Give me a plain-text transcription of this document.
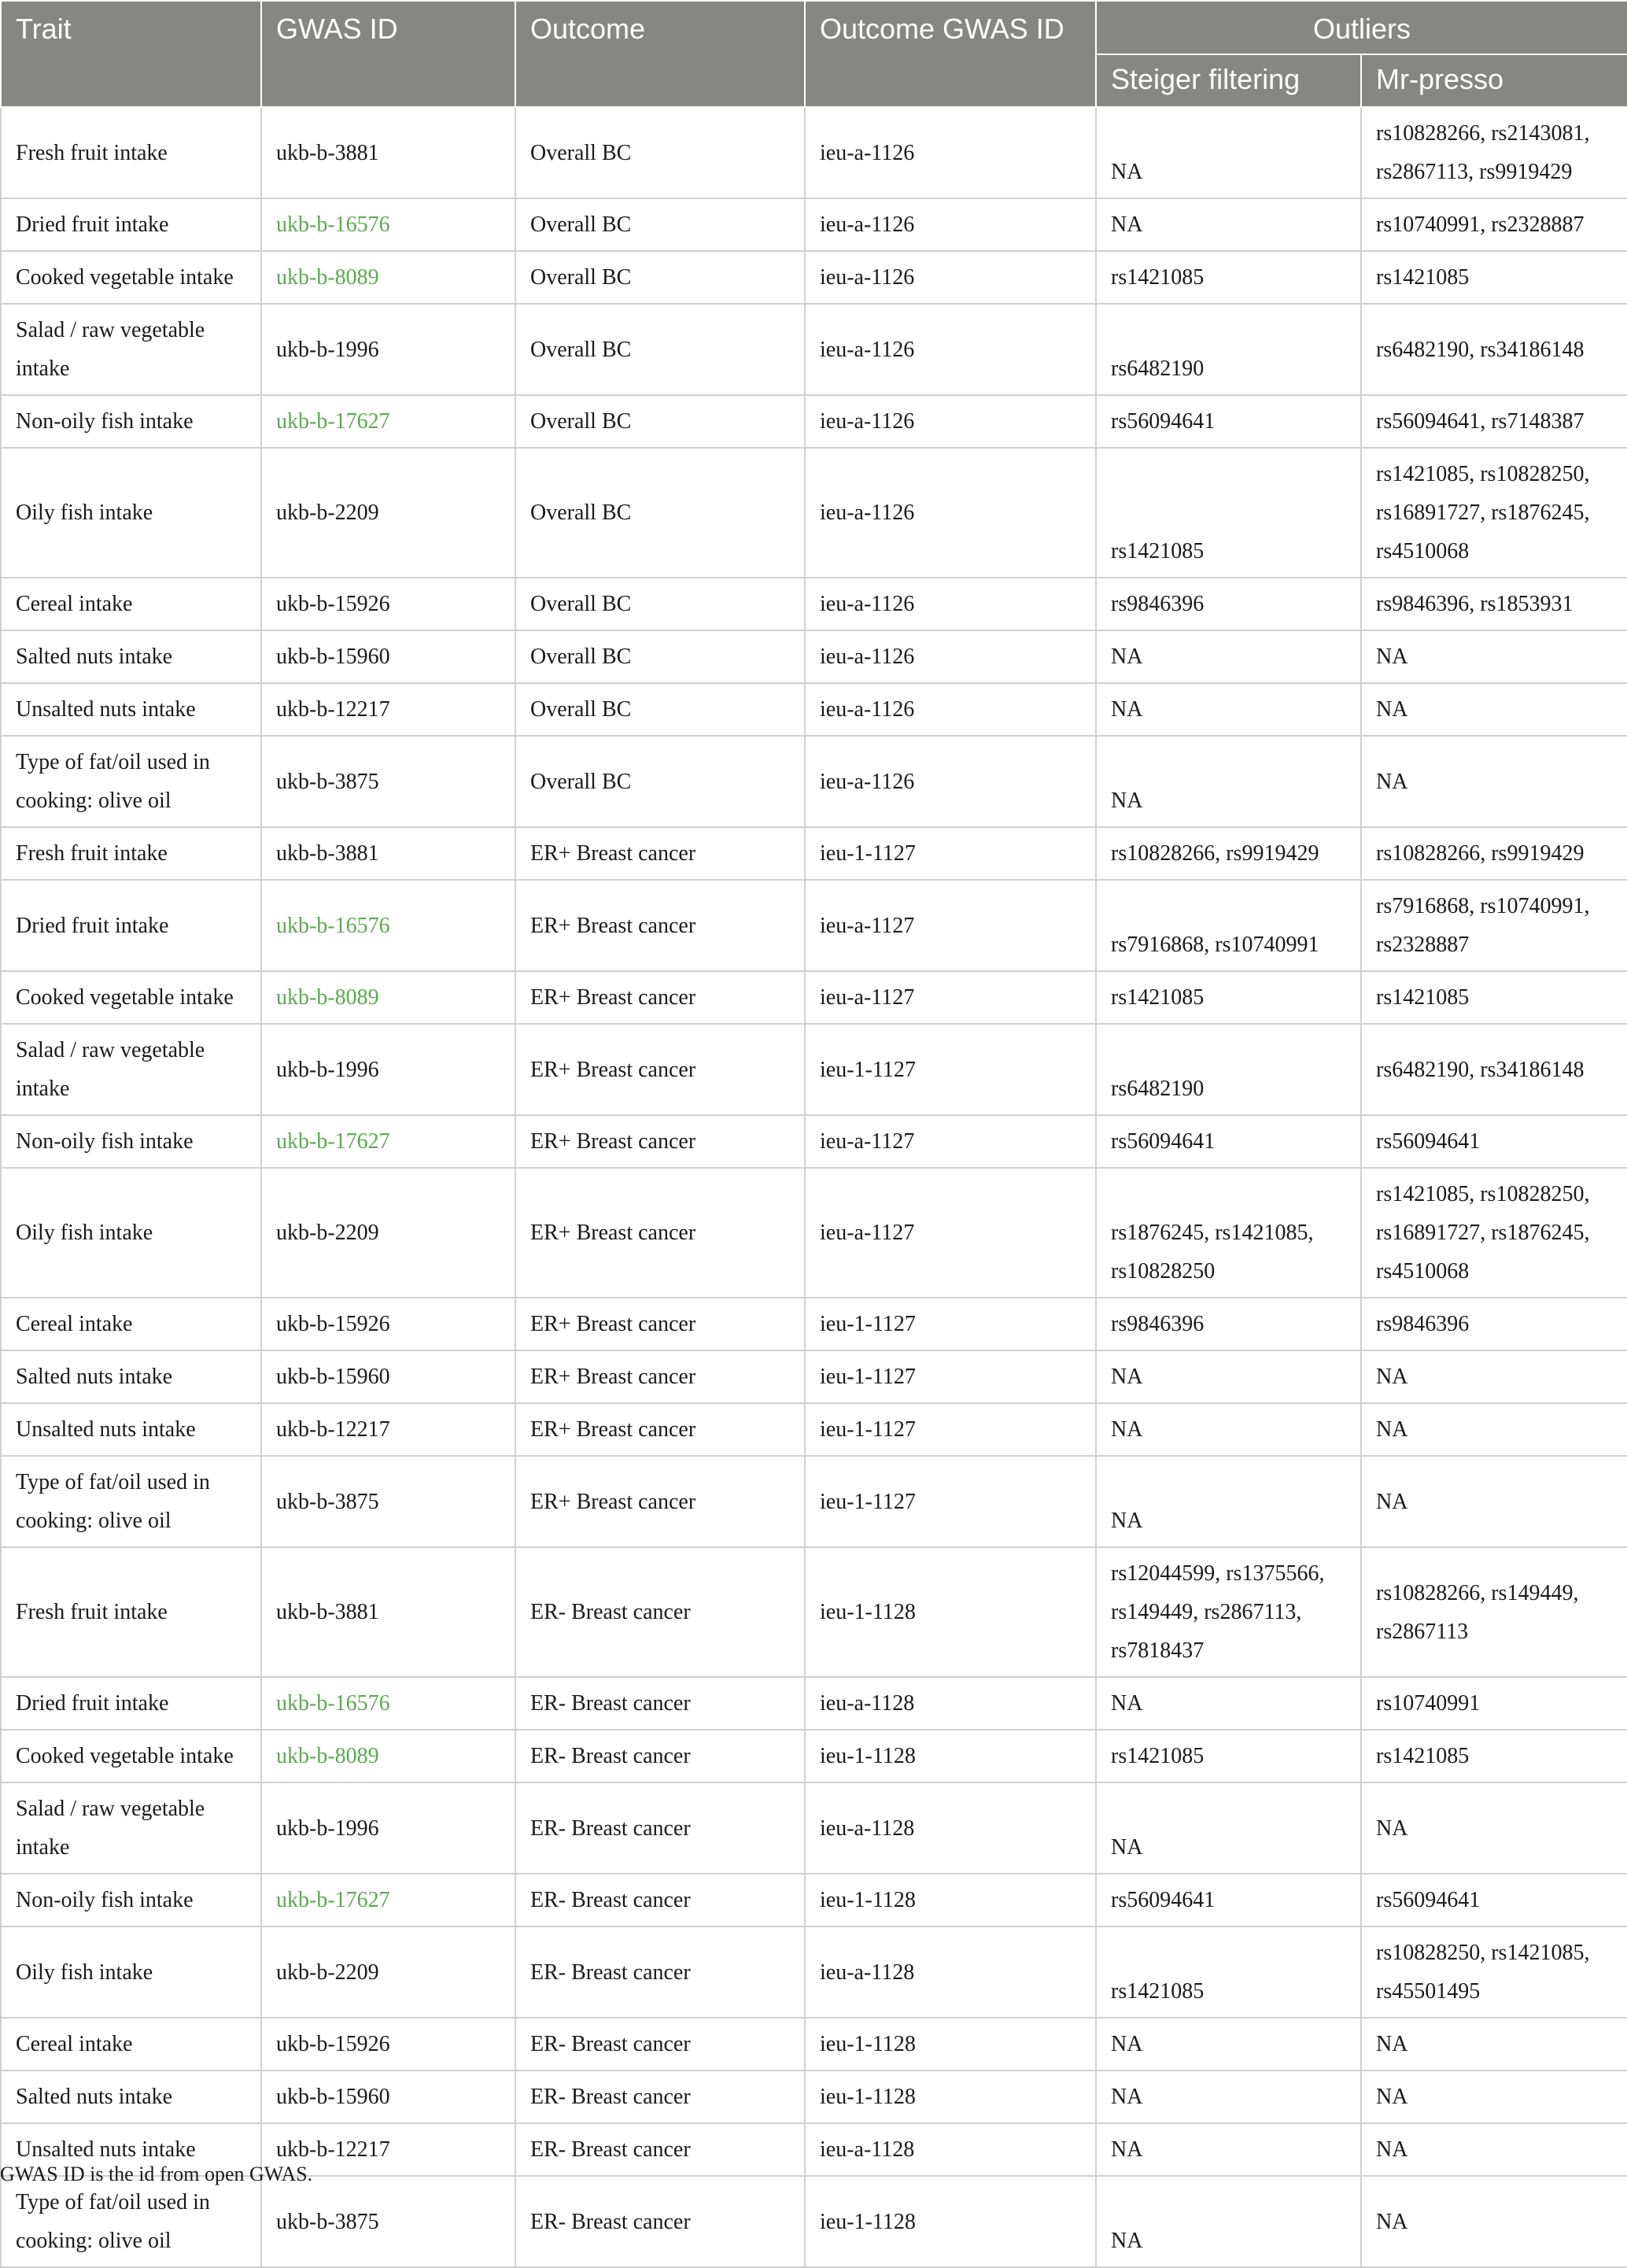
Trait	GWAS ID	Outcome	Outcome GWAS ID	Outliers	
				Steiger filtering	Mr-presso
Fresh fruit intake	ukb-b-3881	Overall BC	ieu-a-1126	NA	rs10828266, rs2143081, rs2867113, rs9919429
Dried fruit intake	ukb-b-16576	Overall BC	ieu-a-1126	NA	rs10740991, rs2328887
Cooked vegetable intake	ukb-b-8089	Overall BC	ieu-a-1126	rs1421085	rs1421085
Salad / raw vegetable intake	ukb-b-1996	Overall BC	ieu-a-1126	rs6482190	rs6482190, rs34186148
Non-oily fish intake	ukb-b-17627	Overall BC	ieu-a-1126	rs56094641	rs56094641, rs7148387
Oily fish intake	ukb-b-2209	Overall BC	ieu-a-1126	rs1421085	rs1421085, rs10828250, rs16891727, rs1876245, rs4510068
Cereal intake	ukb-b-15926	Overall BC	ieu-a-1126	rs9846396	rs9846396, rs1853931
Salted nuts intake	ukb-b-15960	Overall BC	ieu-a-1126	NA	NA
Unsalted nuts intake	ukb-b-12217	Overall BC	ieu-a-1126	NA	NA
Type of fat/oil used in cooking: olive oil	ukb-b-3875	Overall BC	ieu-a-1126	NA	NA
Fresh fruit intake	ukb-b-3881	ER+ Breast cancer	ieu-1-1127	rs10828266, rs9919429	rs10828266, rs9919429
Dried fruit intake	ukb-b-16576	ER+ Breast cancer	ieu-a-1127	rs7916868, rs10740991	rs7916868, rs10740991, rs2328887
Cooked vegetable intake	ukb-b-8089	ER+ Breast cancer	ieu-a-1127	rs1421085	rs1421085
Salad / raw vegetable intake	ukb-b-1996	ER+ Breast cancer	ieu-1-1127	rs6482190	rs6482190, rs34186148
Non-oily fish intake	ukb-b-17627	ER+ Breast cancer	ieu-a-1127	rs56094641	rs56094641
Oily fish intake	ukb-b-2209	ER+ Breast cancer	ieu-a-1127	rs1876245, rs1421085, rs10828250	rs1421085, rs10828250, rs16891727, rs1876245, rs4510068
Cereal intake	ukb-b-15926	ER+ Breast cancer	ieu-1-1127	rs9846396	rs9846396
Salted nuts intake	ukb-b-15960	ER+ Breast cancer	ieu-1-1127	NA	NA
Unsalted nuts intake	ukb-b-12217	ER+ Breast cancer	ieu-1-1127	NA	NA
Type of fat/oil used in cooking: olive oil	ukb-b-3875	ER+ Breast cancer	ieu-1-1127	NA	NA
Fresh fruit intake	ukb-b-3881	ER- Breast cancer	ieu-1-1128	rs12044599, rs1375566, rs149449, rs2867113, rs7818437	rs10828266, rs149449, rs2867113
Dried fruit intake	ukb-b-16576	ER- Breast cancer	ieu-a-1128	NA	rs10740991
Cooked vegetable intake	ukb-b-8089	ER- Breast cancer	ieu-1-1128	rs1421085	rs1421085
Salad / raw vegetable intake	ukb-b-1996	ER- Breast cancer	ieu-a-1128	NA	NA
Non-oily fish intake	ukb-b-17627	ER- Breast cancer	ieu-1-1128	rs56094641	rs56094641
Oily fish intake	ukb-b-2209	ER- Breast cancer	ieu-a-1128	rs1421085	rs10828250, rs1421085, rs45501495
Cereal intake	ukb-b-15926	ER- Breast cancer	ieu-1-1128	NA	NA
Salted nuts intake	ukb-b-15960	ER- Breast cancer	ieu-1-1128	NA	NA
Unsalted nuts intake	ukb-b-12217	ER- Breast cancer	ieu-a-1128	NA	NA
Type of fat/oil used in cooking: olive oil	ukb-b-3875	ER- Breast cancer	ieu-1-1128	NA	NA
GWAS ID is the id from open GWAS.
